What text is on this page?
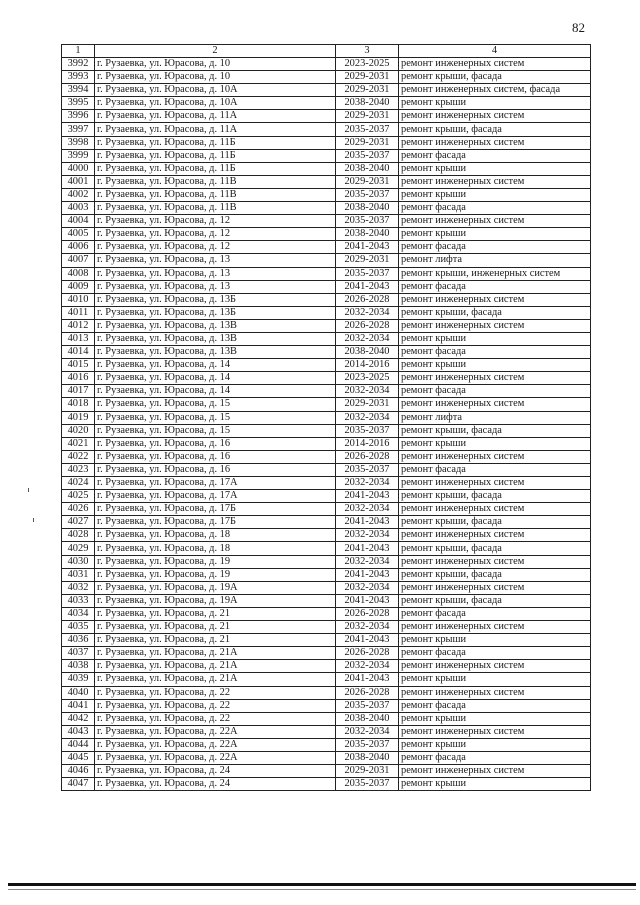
82
1	2	3	4
3992	г. Рузаевка, ул. Юрасова, д. 10	2023-2025	ремонт инженерных систем
3993	г. Рузаевка, ул. Юрасова, д. 10	2029-2031	ремонт крыши, фасада
3994	г. Рузаевка, ул. Юрасова, д. 10А	2029-2031	ремонт инженерных систем, фасада
3995	г. Рузаевка, ул. Юрасова, д. 10А	2038-2040	ремонт крыши
3996	г. Рузаевка, ул. Юрасова, д. 11А	2029-2031	ремонт инженерных систем
3997	г. Рузаевка, ул. Юрасова, д. 11А	2035-2037	ремонт крыши, фасада
3998	г. Рузаевка, ул. Юрасова, д. 11Б	2029-2031	ремонт инженерных систем
3999	г. Рузаевка, ул. Юрасова, д. 11Б	2035-2037	ремонт фасада
4000	г. Рузаевка, ул. Юрасова, д. 11Б	2038-2040	ремонт крыши
4001	г. Рузаевка, ул. Юрасова, д. 11В	2029-2031	ремонт инженерных систем
4002	г. Рузаевка, ул. Юрасова, д. 11В	2035-2037	ремонт крыши
4003	г. Рузаевка, ул. Юрасова, д. 11В	2038-2040	ремонт фасада
4004	г. Рузаевка, ул. Юрасова, д. 12	2035-2037	ремонт инженерных систем
4005	г. Рузаевка, ул. Юрасова, д. 12	2038-2040	ремонт крыши
4006	г. Рузаевка, ул. Юрасова, д. 12	2041-2043	ремонт фасада
4007	г. Рузаевка, ул. Юрасова, д. 13	2029-2031	ремонт лифта
4008	г. Рузаевка, ул. Юрасова, д. 13	2035-2037	ремонт крыши, инженерных систем
4009	г. Рузаевка, ул. Юрасова, д. 13	2041-2043	ремонт фасада
4010	г. Рузаевка, ул. Юрасова, д. 13Б	2026-2028	ремонт инженерных систем
4011	г. Рузаевка, ул. Юрасова, д. 13Б	2032-2034	ремонт крыши, фасада
4012	г. Рузаевка, ул. Юрасова, д. 13В	2026-2028	ремонт инженерных систем
4013	г. Рузаевка, ул. Юрасова, д. 13В	2032-2034	ремонт крыши
4014	г. Рузаевка, ул. Юрасова, д. 13В	2038-2040	ремонт фасада
4015	г. Рузаевка, ул. Юрасова, д. 14	2014-2016	ремонт крыши
4016	г. Рузаевка, ул. Юрасова, д. 14	2023-2025	ремонт инженерных систем
4017	г. Рузаевка, ул. Юрасова, д. 14	2032-2034	ремонт фасада
4018	г. Рузаевка, ул. Юрасова, д. 15	2029-2031	ремонт инженерных систем
4019	г. Рузаевка, ул. Юрасова, д. 15	2032-2034	ремонт лифта
4020	г. Рузаевка, ул. Юрасова, д. 15	2035-2037	ремонт крыши, фасада
4021	г. Рузаевка, ул. Юрасова, д. 16	2014-2016	ремонт крыши
4022	г. Рузаевка, ул. Юрасова, д. 16	2026-2028	ремонт инженерных систем
4023	г. Рузаевка, ул. Юрасова, д. 16	2035-2037	ремонт фасада
4024	г. Рузаевка, ул. Юрасова, д. 17А	2032-2034	ремонт инженерных систем
4025	г. Рузаевка, ул. Юрасова, д. 17А	2041-2043	ремонт крыши, фасада
4026	г. Рузаевка, ул. Юрасова, д. 17Б	2032-2034	ремонт инженерных систем
4027	г. Рузаевка, ул. Юрасова, д. 17Б	2041-2043	ремонт крыши, фасада
4028	г. Рузаевка, ул. Юрасова, д. 18	2032-2034	ремонт инженерных систем
4029	г. Рузаевка, ул. Юрасова, д. 18	2041-2043	ремонт крыши, фасада
4030	г. Рузаевка, ул. Юрасова, д. 19	2032-2034	ремонт инженерных систем
4031	г. Рузаевка, ул. Юрасова, д. 19	2041-2043	ремонт крыши, фасада
4032	г. Рузаевка, ул. Юрасова, д. 19А	2032-2034	ремонт инженерных систем
4033	г. Рузаевка, ул. Юрасова, д. 19А	2041-2043	ремонт крыши, фасада
4034	г. Рузаевка, ул. Юрасова, д. 21	2026-2028	ремонт фасада
4035	г. Рузаевка, ул. Юрасова, д. 21	2032-2034	ремонт инженерных систем
4036	г. Рузаевка, ул. Юрасова, д. 21	2041-2043	ремонт крыши
4037	г. Рузаевка, ул. Юрасова, д. 21А	2026-2028	ремонт фасада
4038	г. Рузаевка, ул. Юрасова, д. 21А	2032-2034	ремонт инженерных систем
4039	г. Рузаевка, ул. Юрасова, д. 21А	2041-2043	ремонт крыши
4040	г. Рузаевка, ул. Юрасова, д. 22	2026-2028	ремонт инженерных систем
4041	г. Рузаевка, ул. Юрасова, д. 22	2035-2037	ремонт фасада
4042	г. Рузаевка, ул. Юрасова, д. 22	2038-2040	ремонт крыши
4043	г. Рузаевка, ул. Юрасова, д. 22А	2032-2034	ремонт инженерных систем
4044	г. Рузаевка, ул. Юрасова, д. 22А	2035-2037	ремонт крыши
4045	г. Рузаевка, ул. Юрасова, д. 22А	2038-2040	ремонт фасада
4046	г. Рузаевка, ул. Юрасова, д. 24	2029-2031	ремонт инженерных систем
4047	г. Рузаевка, ул. Юрасова, д. 24	2035-2037	ремонт крыши
